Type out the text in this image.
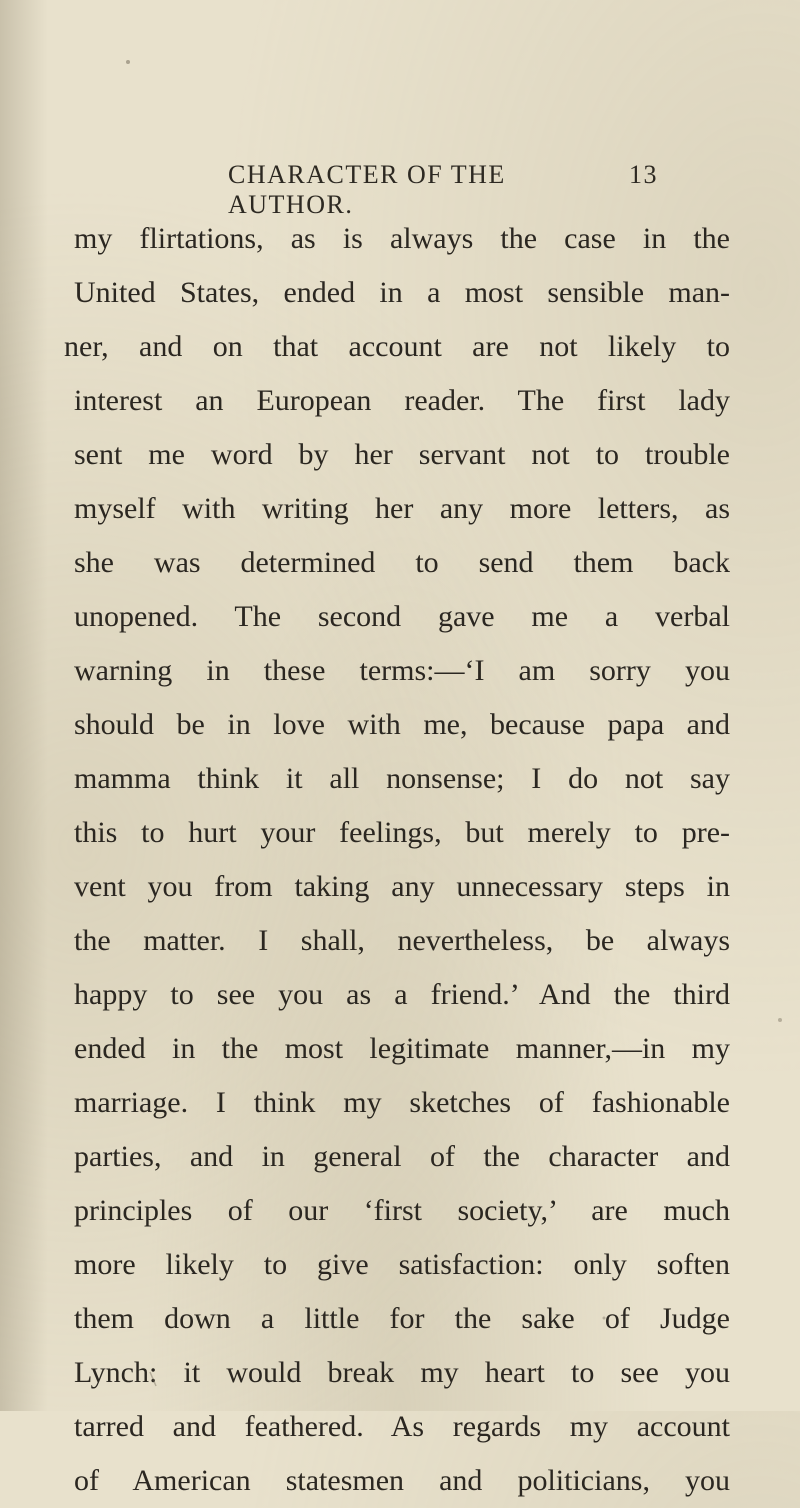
CHARACTER OF THE AUTHOR.
13
my flirtations, as is always the case in the
United States, ended in a most sensible man-
ner, and on that account are not likely to
interest an European reader. The first lady
sent me word by her servant not to trouble
myself with writing her any more letters, as
she was determined to send them back
unopened. The second gave me a verbal
warning in these terms:—‘I am sorry you
should be in love with me, because papa and
mamma think it all nonsense; I do not say
this to hurt your feelings, but merely to pre-
vent you from taking any unnecessary steps in
the matter. I shall, nevertheless, be always
happy to see you as a friend.’ And the third
ended in the most legitimate manner,—in my
marriage. I think my sketches of fashionable
parties, and in general of the character and
principles of our ‘first society,’ are much
more likely to give satisfaction: only soften
them down a little for the sake of Judge
Lynch: it would break my heart to see you
tarred and feathered. As regards my account
of American statesmen and politicians, you
